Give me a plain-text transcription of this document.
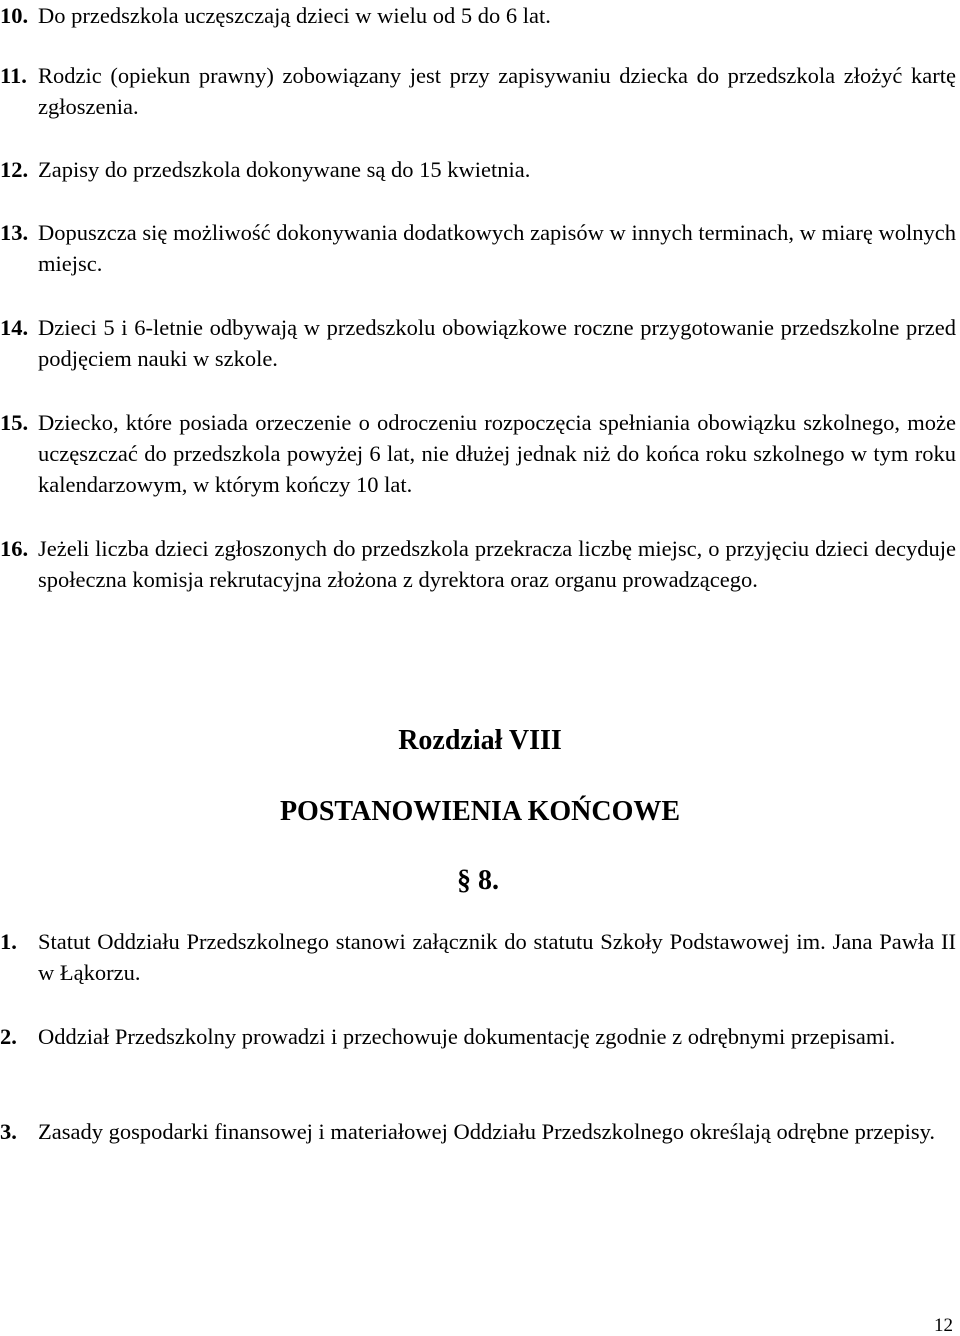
10. Do przedszkola uczęszczają dzieci w wielu od 5 do 6 lat.
11. Rodzic (opiekun prawny) zobowiązany jest przy zapisywaniu dziecka do przedszkola złożyć kartę zgłoszenia.
12. Zapisy do przedszkola dokonywane są do 15 kwietnia.
13. Dopuszcza się możliwość dokonywania dodatkowych zapisów w innych terminach, w miarę wolnych miejsc.
14. Dzieci 5 i 6-letnie odbywają w przedszkolu obowiązkowe roczne przygotowanie przedszkolne przed podjęciem nauki w szkole.
15. Dziecko, które posiada orzeczenie o odroczeniu rozpoczęcia spełniania obowiązku szkolnego, może uczęszczać do przedszkola powyżej 6 lat, nie dłużej jednak niż do końca roku szkolnego w tym roku kalendarzowym, w którym kończy 10 lat.
16. Jeżeli liczba dzieci zgłoszonych do przedszkola przekracza liczbę miejsc, o przyjęciu dzieci decyduje społeczna komisja rekrutacyjna złożona z dyrektora oraz organu prowadzącego.
Rozdział VIII
POSTANOWIENIA KOŃCOWE
§ 8.
1. Statut Oddziału Przedszkolnego stanowi załącznik do statutu Szkoły Podstawowej im. Jana Pawła II w Łąkorzu.
2. Oddział Przedszkolny prowadzi i przechowuje dokumentację zgodnie z odrębnymi przepisami.
3. Zasady gospodarki finansowej i materiałowej Oddziału Przedszkolnego określają odrębne przepisy.
12
